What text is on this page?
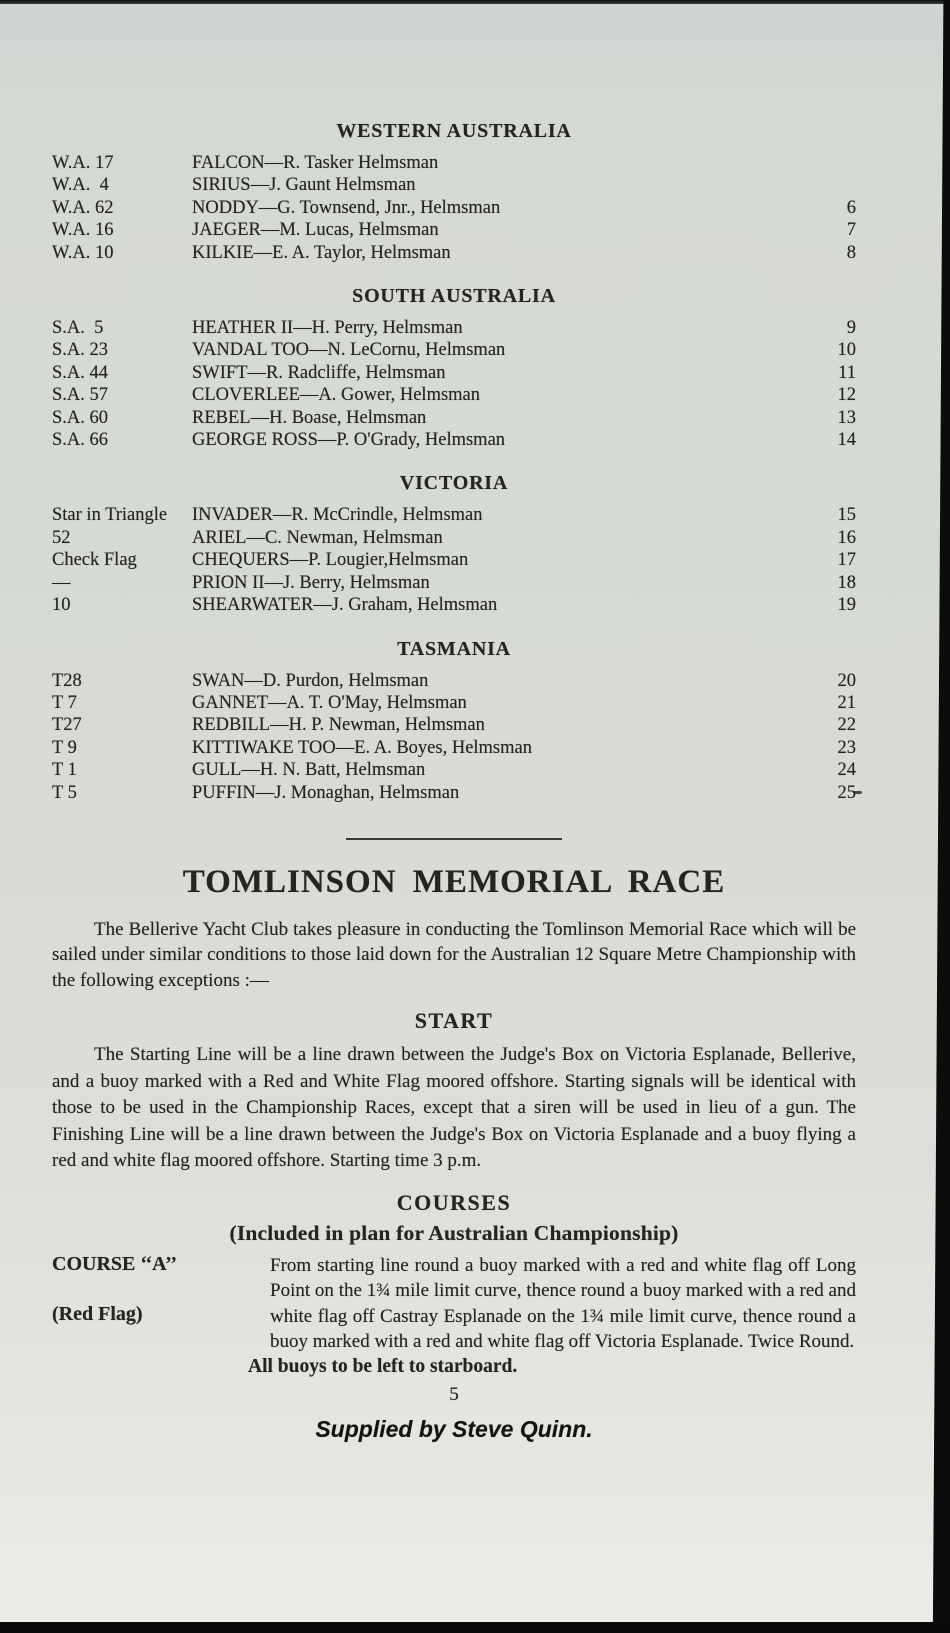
WESTERN AUSTRALIA
W.A. 17	FALCON—R. Tasker Helmsman
W.A.  4	SIRIUS—J. Gaunt Helmsman
W.A. 62	NODDY—G. Townsend, Jnr., Helmsman	6
W.A. 16	JAEGER—M. Lucas, Helmsman	7
W.A. 10	KILKIE—E. A. Taylor, Helmsman	8
SOUTH AUSTRALIA
S.A.  5	HEATHER II—H. Perry, Helmsman	9
S.A. 23	VANDAL TOO—N. LeCornu, Helmsman	10
S.A. 44	SWIFT—R. Radcliffe, Helmsman	11
S.A. 57	CLOVERLEE—A. Gower, Helmsman	12
S.A. 60	REBEL—H. Boase, Helmsman	13
S.A. 66	GEORGE ROSS—P. O'Grady, Helmsman	14
VICTORIA
Star in Triangle	INVADER—R. McCrindle, Helmsman	15
52	ARIEL—C. Newman, Helmsman	16
Check Flag	CHEQUERS—P. Lougier,Helmsman	17
—	PRION II—J. Berry, Helmsman	18
10	SHEARWATER—J. Graham, Helmsman	19
TASMANIA
T28	SWAN—D. Purdon, Helmsman	20
T 7	GANNET—A. T. O'May, Helmsman	21
T27	REDBILL—H. P. Newman, Helmsman	22
T 9	KITTIWAKE TOO—E. A. Boyes, Helmsman	23
T 1	GULL—H. N. Batt, Helmsman	24
T 5	PUFFIN—J. Monaghan, Helmsman	25
TOMLINSON MEMORIAL RACE

The Bellerive Yacht Club takes pleasure in conducting the Tomlinson Memorial Race which will be sailed under similar conditions to those laid down for the Australian 12 Square Metre Championship with the following exceptions :—

START

The Starting Line will be a line drawn between the Judge's Box on Victoria Esplanade, Bellerive, and a buoy marked with a Red and White Flag moored offshore. Starting signals will be identical with those to be used in the Championship Races, except that a siren will be used in lieu of a gun. The Finishing Line will be a line drawn between the Judge's Box on Victoria Esplanade and a buoy flying a red and white flag moored offshore. Starting time 3 p.m.

COURSES
(Included in plan for Australian Championship)
COURSE ‘‘A’’
(Red Flag)
From starting line round a buoy marked with a red and white flag off Long Point on the 1¾ mile limit curve, thence round a buoy marked with a red and white flag off Castray Esplanade on the 1¾ mile limit curve, thence round a buoy marked with a red and white flag off Victoria Esplanade. Twice Round.
All buoys to be left to starboard.
5
Supplied by Steve Quinn.
